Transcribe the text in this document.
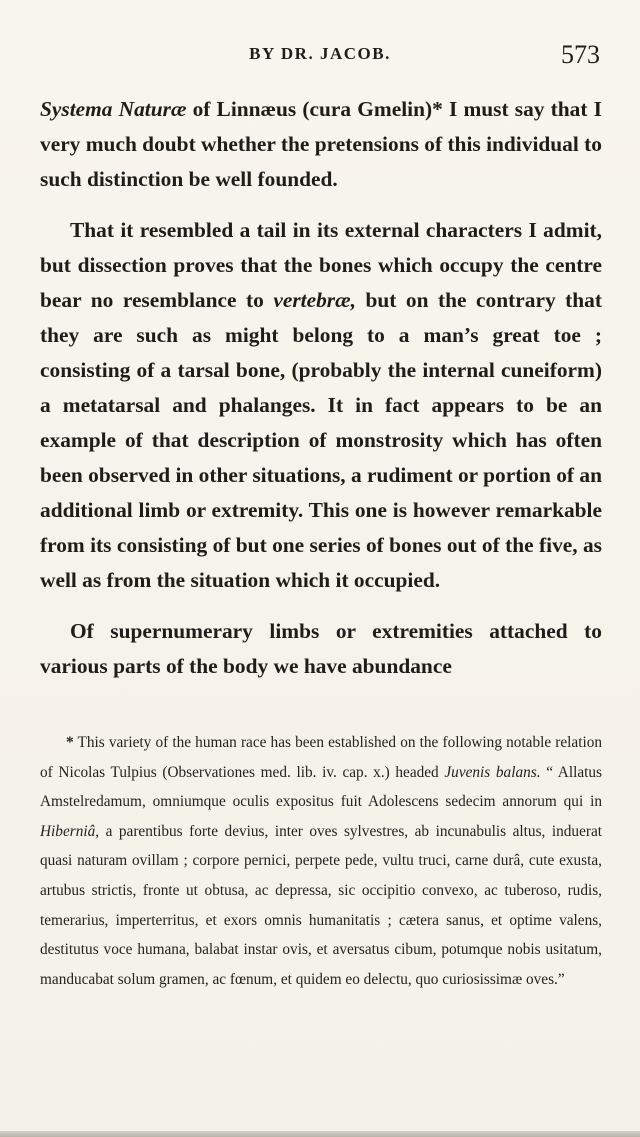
BY DR. JACOB.	573

Systema Naturæ of Linnæus (cura Gmelin)* I must say that I very much doubt whether the pretensions of this individual to such distinction be well founded.

That it resembled a tail in its external characters I admit, but dissection proves that the bones which occupy the centre bear no resemblance to vertebræ, but on the contrary that they are such as might belong to a man’s great toe ; consisting of a tarsal bone, (probably the internal cuneiform) a metatarsal and phalanges. It in fact appears to be an example of that description of monstrosity which has often been observed in other situations, a rudiment or portion of an additional limb or extremity. This one is however remarkable from its consisting of but one series of bones out of the five, as well as from the situation which it occupied.

Of supernumerary limbs or extremities attached to various parts of the body we have abundance

* This variety of the human race has been established on the following notable relation of Nicolas Tulpius (Observationes med. lib. iv. cap. x.) headed Juvenis balans. “ Allatus Amstelredamum, omniumque oculis expositus fuit Adolescens sedecim annorum qui in Hiberniâ, a parentibus forte devius, inter oves sylvestres, ab incunabulis altus, induerat quasi naturam ovillam ; corpore pernici, perpete pede, vultu truci, carne durâ, cute exusta, artubus strictis, fronte ut obtusa, ac depressa, sic occipitio convexo, ac tuberoso, rudis, temerarius, imperterritus, et exors omnis humanitatis ; cætera sanus, et optime valens, destitutus voce humana, balabat instar ovis, et aversatus cibum, potumque nobis usitatum, manducabat solum gramen, ac fœnum, et quidem eo delectu, quo curiosissimæ oves.”
